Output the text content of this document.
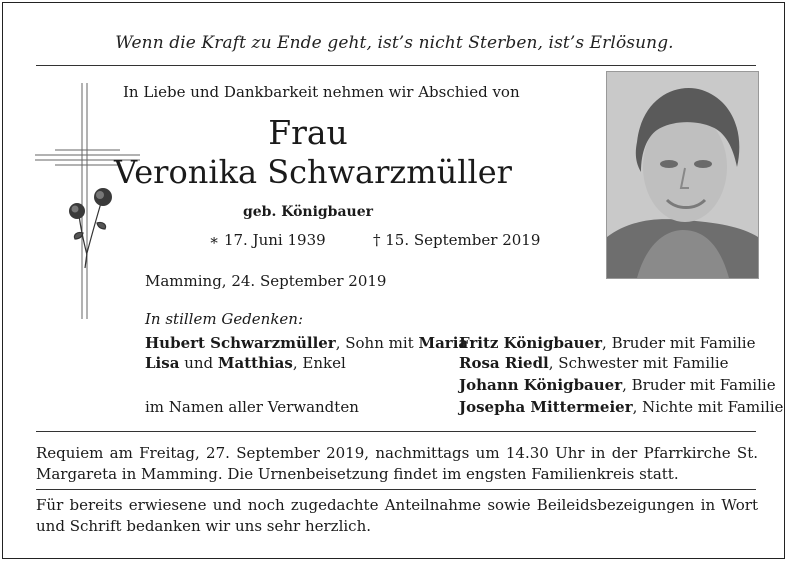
Wenn die Kraft zu Ende geht, ist’s nicht Sterben, ist’s Erlösung.
In Liebe und Dankbarkeit nehmen wir Abschied von
Frau
Veronika Schwarzmüller
geb. Königbauer
∗ 17. Juni 1939	† 15. September 2019
Mamming, 24. September 2019
In stillem Gedenken:
Hubert Schwarzmüller, Sohn mit Maria
Lisa und Matthias, Enkel
im Namen aller Verwandten
Fritz Königbauer, Bruder mit Familie
Rosa Riedl, Schwester mit Familie
Johann Königbauer, Bruder mit Familie
Josepha Mittermeier, Nichte mit Familie
Requiem am Freitag, 27. September 2019, nachmittags um 14.30 Uhr in der Pfarrkirche St. Margareta in Mamming. Die Urnenbeisetzung findet im engsten Familienkreis statt.
Für bereits erwiesene und noch zugedachte Anteilnahme sowie Beileidsbezeigungen in Wort und Schrift bedanken wir uns sehr herzlich.
